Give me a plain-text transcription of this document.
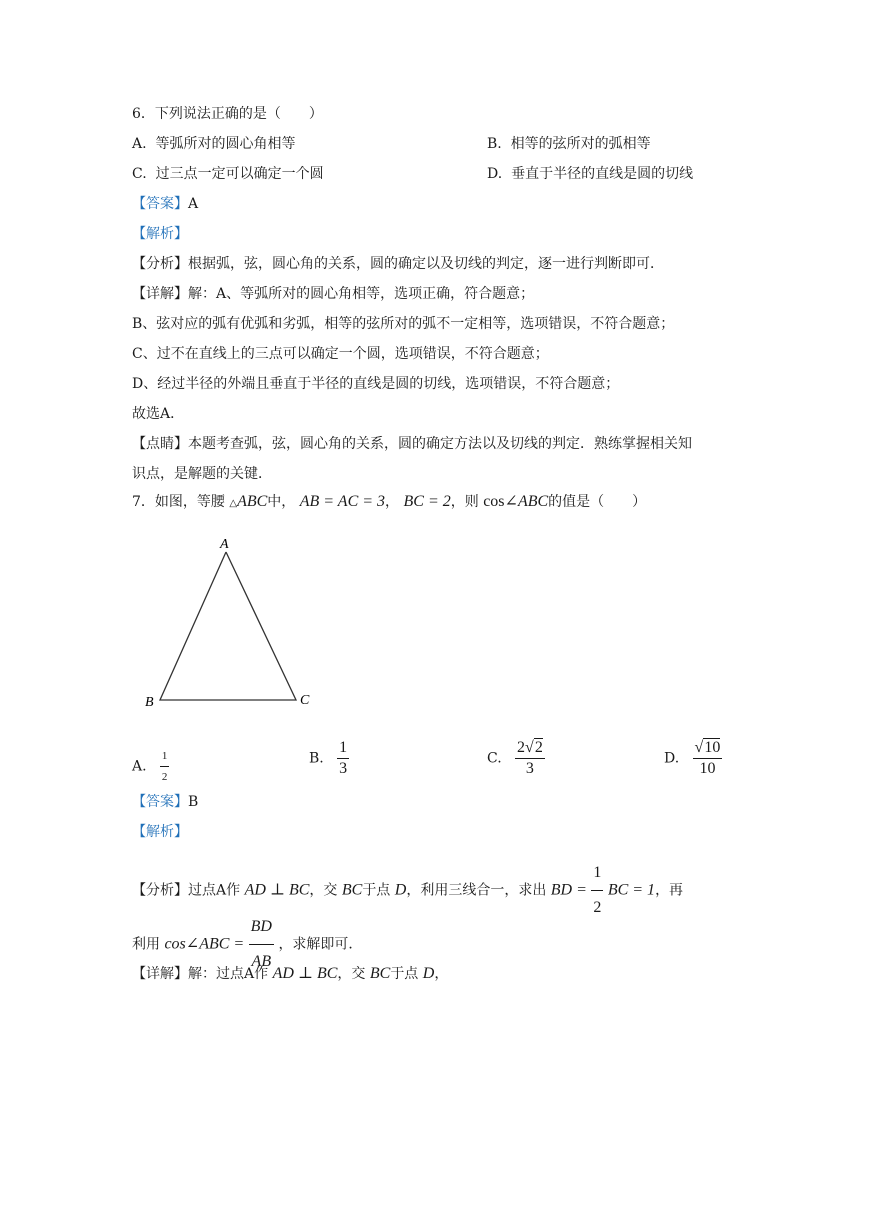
6．下列说法正确的是（　　）
A. 等弧所对的圆心角相等	B. 相等的弦所对的弧相等
C. 过三点一定可以确定一个圆	D. 垂直于半径的直线是圆的切线
【答案】A
【解析】
【分析】根据弧，弦，圆心角的关系，圆的确定以及切线的判定，逐一进行判断即可．
【详解】解：A、等弧所对的圆心角相等，选项正确，符合题意；
B、弦对应的弧有优弧和劣弧，相等的弦所对的弧不一定相等，选项错误，不符合题意；
C、过不在直线上的三点可以确定一个圆，选项错误，不符合题意；
D、经过半径的外端且垂直于半径的直线是圆的切线，选项错误，不符合题意；
故选A．
【点睛】本题考查弧，弦，圆心角的关系，圆的确定方法以及切线的判定．熟练掌握相关知
识点，是解题的关键．
7．如图，等腰 △ABC中， AB = AC = 3， BC = 2，则 cos∠ABC的值是（　　）
A
B	C
A. $\frac{1}{2}$	B. $\frac{1}{3}$	C. $\frac{2√2}{3}$	D. $\frac{√10}{10}$
【答案】B
【解析】
【分析】过点A作 AD ⊥ BC，交 BC于点 D，利用三线合一，求出 BD = $\frac{1}{2}$ BC = 1，再
利用 cos∠ABC = $\frac{BD}{AB}$ ，求解即可．
【详解】解：过点A作 AD ⊥ BC，交 BC于点 D，
